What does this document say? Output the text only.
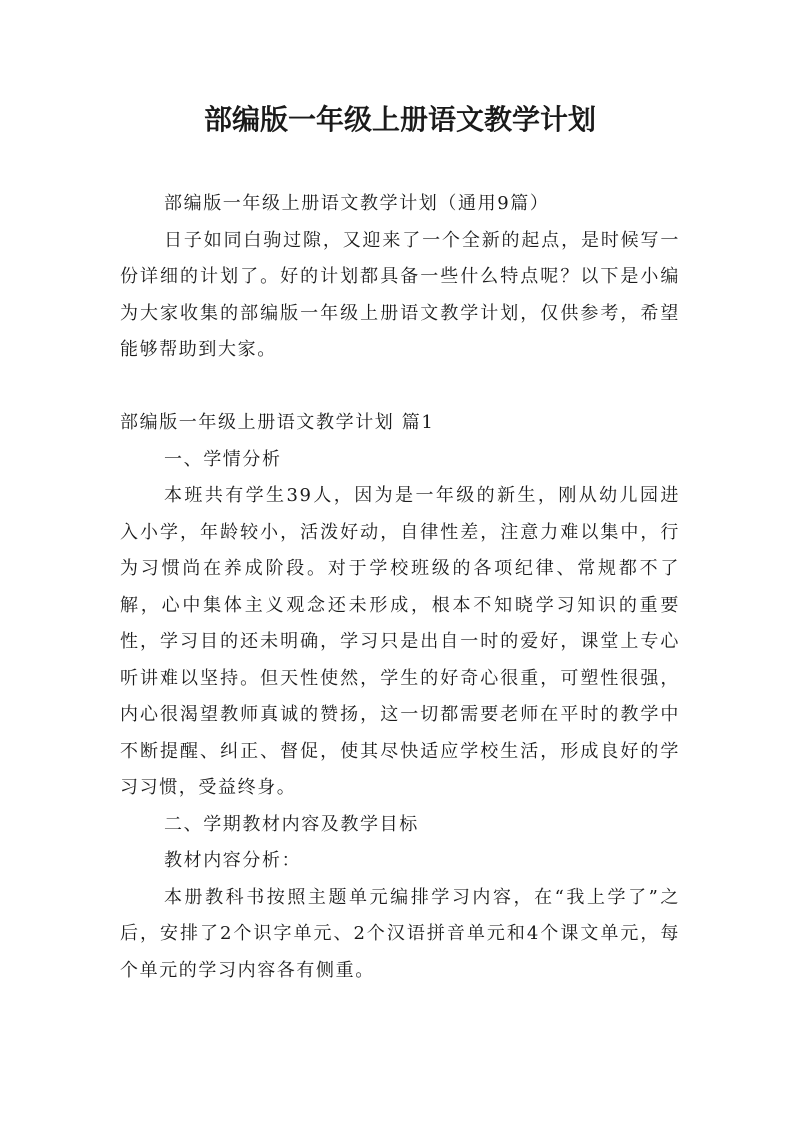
部编版一年级上册语文教学计划

部编版一年级上册语文教学计划（通用9篇）

日子如同白驹过隙，又迎来了一个全新的起点，是时候写一份详细的计划了。好的计划都具备一些什么特点呢？以下是小编为大家收集的部编版一年级上册语文教学计划，仅供参考，希望能够帮助到大家。

部编版一年级上册语文教学计划 篇1

一、学情分析

本班共有学生39人，因为是一年级的新生，刚从幼儿园进入小学，年龄较小，活泼好动，自律性差，注意力难以集中，行为习惯尚在养成阶段。对于学校班级的各项纪律、常规都不了解，心中集体主义观念还未形成，根本不知晓学习知识的重要性，学习目的还未明确，学习只是出自一时的爱好，课堂上专心听讲难以坚持。但天性使然，学生的好奇心很重，可塑性很强，内心很渴望教师真诚的赞扬，这一切都需要老师在平时的教学中不断提醒、纠正、督促，使其尽快适应学校生活，形成良好的学习习惯，受益终身。

二、学期教材内容及教学目标

教材内容分析：

本册教科书按照主题单元编排学习内容，在“我上学了”之后，安排了2个识字单元、2个汉语拼音单元和4个课文单元，每个单元的学习内容各有侧重。
